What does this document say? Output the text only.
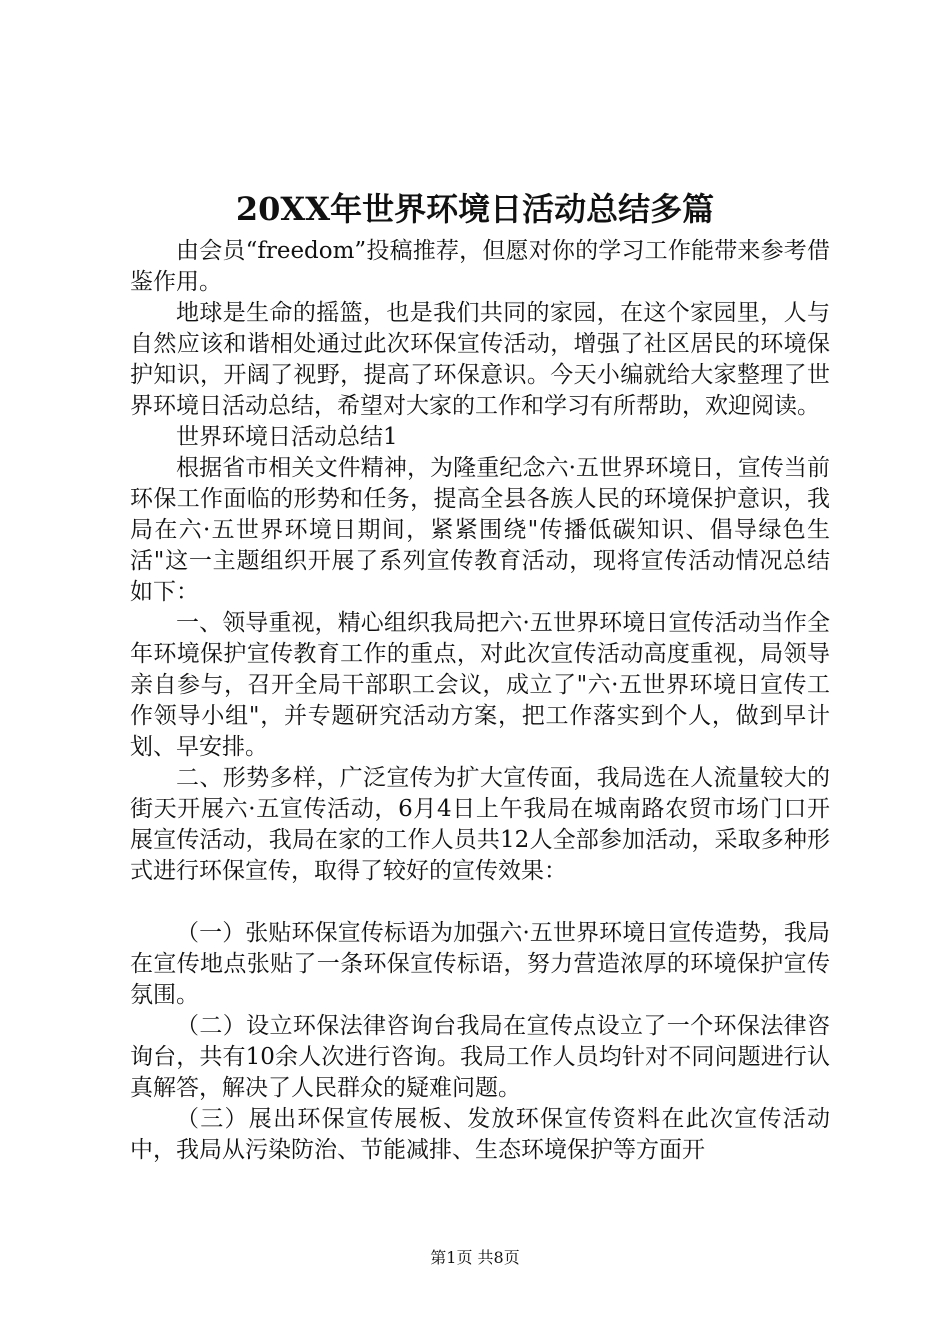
20XX年世界环境日活动总结多篇

由会员“freedom”投稿推荐，但愿对你的学习工作能带来参考借鉴作用。

地球是生命的摇篮，也是我们共同的家园，在这个家园里，人与自然应该和谐相处通过此次环保宣传活动，增强了社区居民的环境保护知识，开阔了视野，提高了环保意识。今天小编就给大家整理了世界环境日活动总结，希望对大家的工作和学习有所帮助，欢迎阅读。

世界环境日活动总结1

根据省市相关文件精神，为隆重纪念六·五世界环境日，宣传当前环保工作面临的形势和任务，提高全县各族人民的环境保护意识，我局在六·五世界环境日期间，紧紧围绕"传播低碳知识、倡导绿色生活"这一主题组织开展了系列宣传教育活动，现将宣传活动情况总结如下：

一、领导重视，精心组织我局把六·五世界环境日宣传活动当作全年环境保护宣传教育工作的重点，对此次宣传活动高度重视，局领导亲自参与，召开全局干部职工会议，成立了"六·五世界环境日宣传工作领导小组"，并专题研究活动方案，把工作落实到个人，做到早计划、早安排。

二、形势多样，广泛宣传为扩大宣传面，我局选在人流量较大的街天开展六·五宣传活动，6月4日上午我局在城南路农贸市场门口开展宣传活动，我局在家的工作人员共12人全部参加活动，采取多种形式进行环保宣传，取得了较好的宣传效果：

（一）张贴环保宣传标语为加强六·五世界环境日宣传造势，我局在宣传地点张贴了一条环保宣传标语，努力营造浓厚的环境保护宣传氛围。

（二）设立环保法律咨询台我局在宣传点设立了一个环保法律咨询台，共有10余人次进行咨询。我局工作人员均针对不同问题进行认真解答，解决了人民群众的疑难问题。

（三）展出环保宣传展板、发放环保宣传资料在此次宣传活动中，我局从污染防治、节能减排、生态环境保护等方面开

第1页 共8页
